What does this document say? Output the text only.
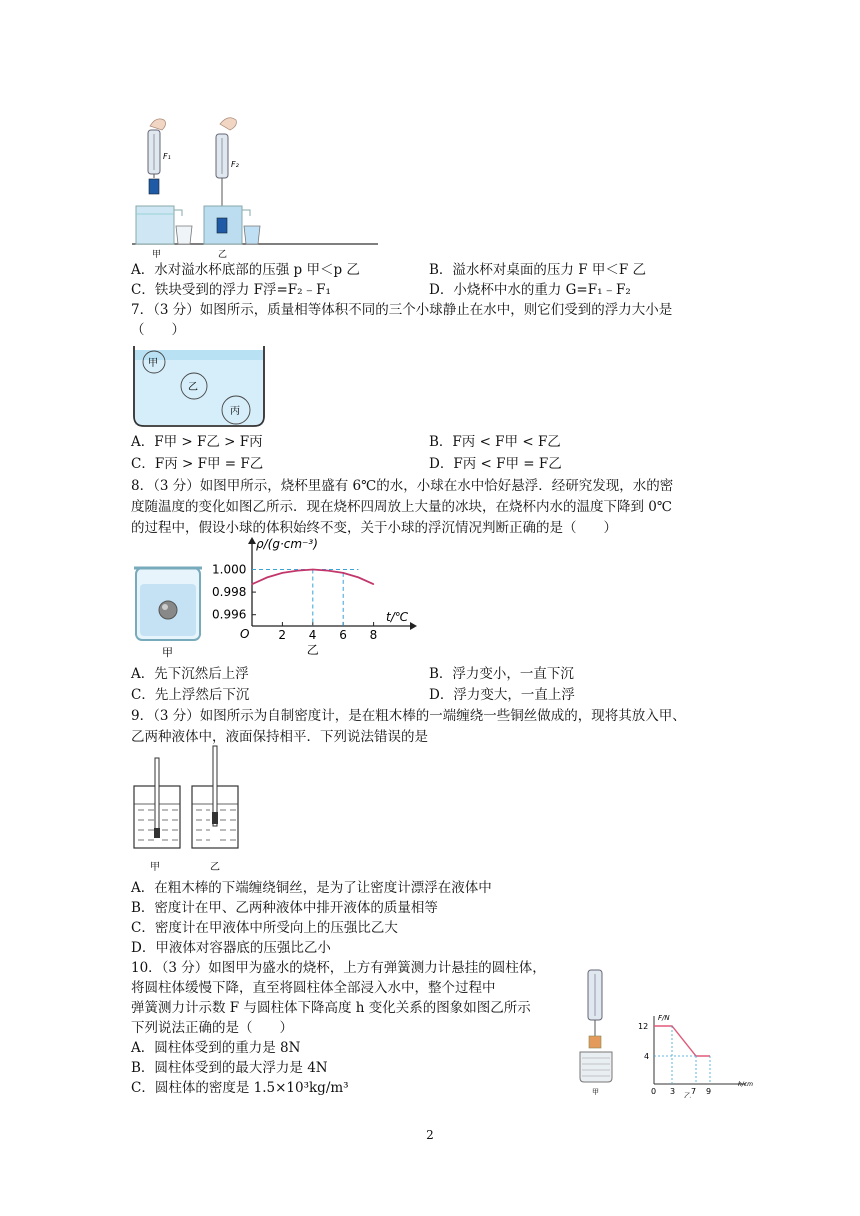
F₁
F₂
甲	乙
A．水对溢水杯底部的压强 p 甲＜p 乙	B．溢水杯对桌面的压力 F 甲＜F 乙
C．铁块受到的浮力 F浮=F₂﹣F₁	D．小烧杯中水的重力 G=F₁﹣F₂
7．（3 分）如图所示，质量相等体积不同的三个小球静止在水中，则它们受到的浮力大小是
（　　）
甲
乙
丙
A．F甲 > F乙 > F丙	B．F丙 < F甲 < F乙
C．F丙 > F甲 = F乙	D．F丙 < F甲 = F乙
8．（3 分）如图甲所示，烧杯里盛有 6℃的水，小球在水中恰好悬浮．经研究发现，水的密
度随温度的变化如图乙所示．现在烧杯四周放上大量的冰块，在烧杯内水的温度下降到 0℃
的过程中，假设小球的体积始终不变，关于小球的浮沉情况判断正确的是（　　）
甲
ρ/(g·cm⁻³)
t/℃
O 2 4 6 8
1.000
0.998
0.996
乙
A．先下沉然后上浮	B．浮力变小，一直下沉
C．先上浮然后下沉	D．浮力变大，一直上浮
9．（3 分）如图所示为自制密度计，是在粗木棒的一端缠绕一些铜丝做成的，现将其放入甲、
乙两种液体中，液面保持相平．下列说法错误的是
甲	乙
A．在粗木棒的下端缠绕铜丝，是为了让密度计漂浮在液体中
B．密度计在甲、乙两种液体中排开液体的质量相等
C．密度计在甲液体中所受向上的压强比乙大
D．甲液体对容器底的压强比乙小
10．（3 分）如图甲为盛水的烧杯，上方有弹簧测力计悬挂的圆柱体，
将圆柱体缓慢下降，直至将圆柱体全部浸入水中，整个过程中
弹簧测力计示数 F 与圆柱体下降高度 h 变化关系的图象如图乙所示
下列说法正确的是（　　）
A．圆柱体受到的重力是 8N
B．圆柱体受到的最大浮力是 4N
C．圆柱体的密度是 1.5×10³kg/m³	甲
F/N
h/cm
12
4
0 3 7 9
乙
2
